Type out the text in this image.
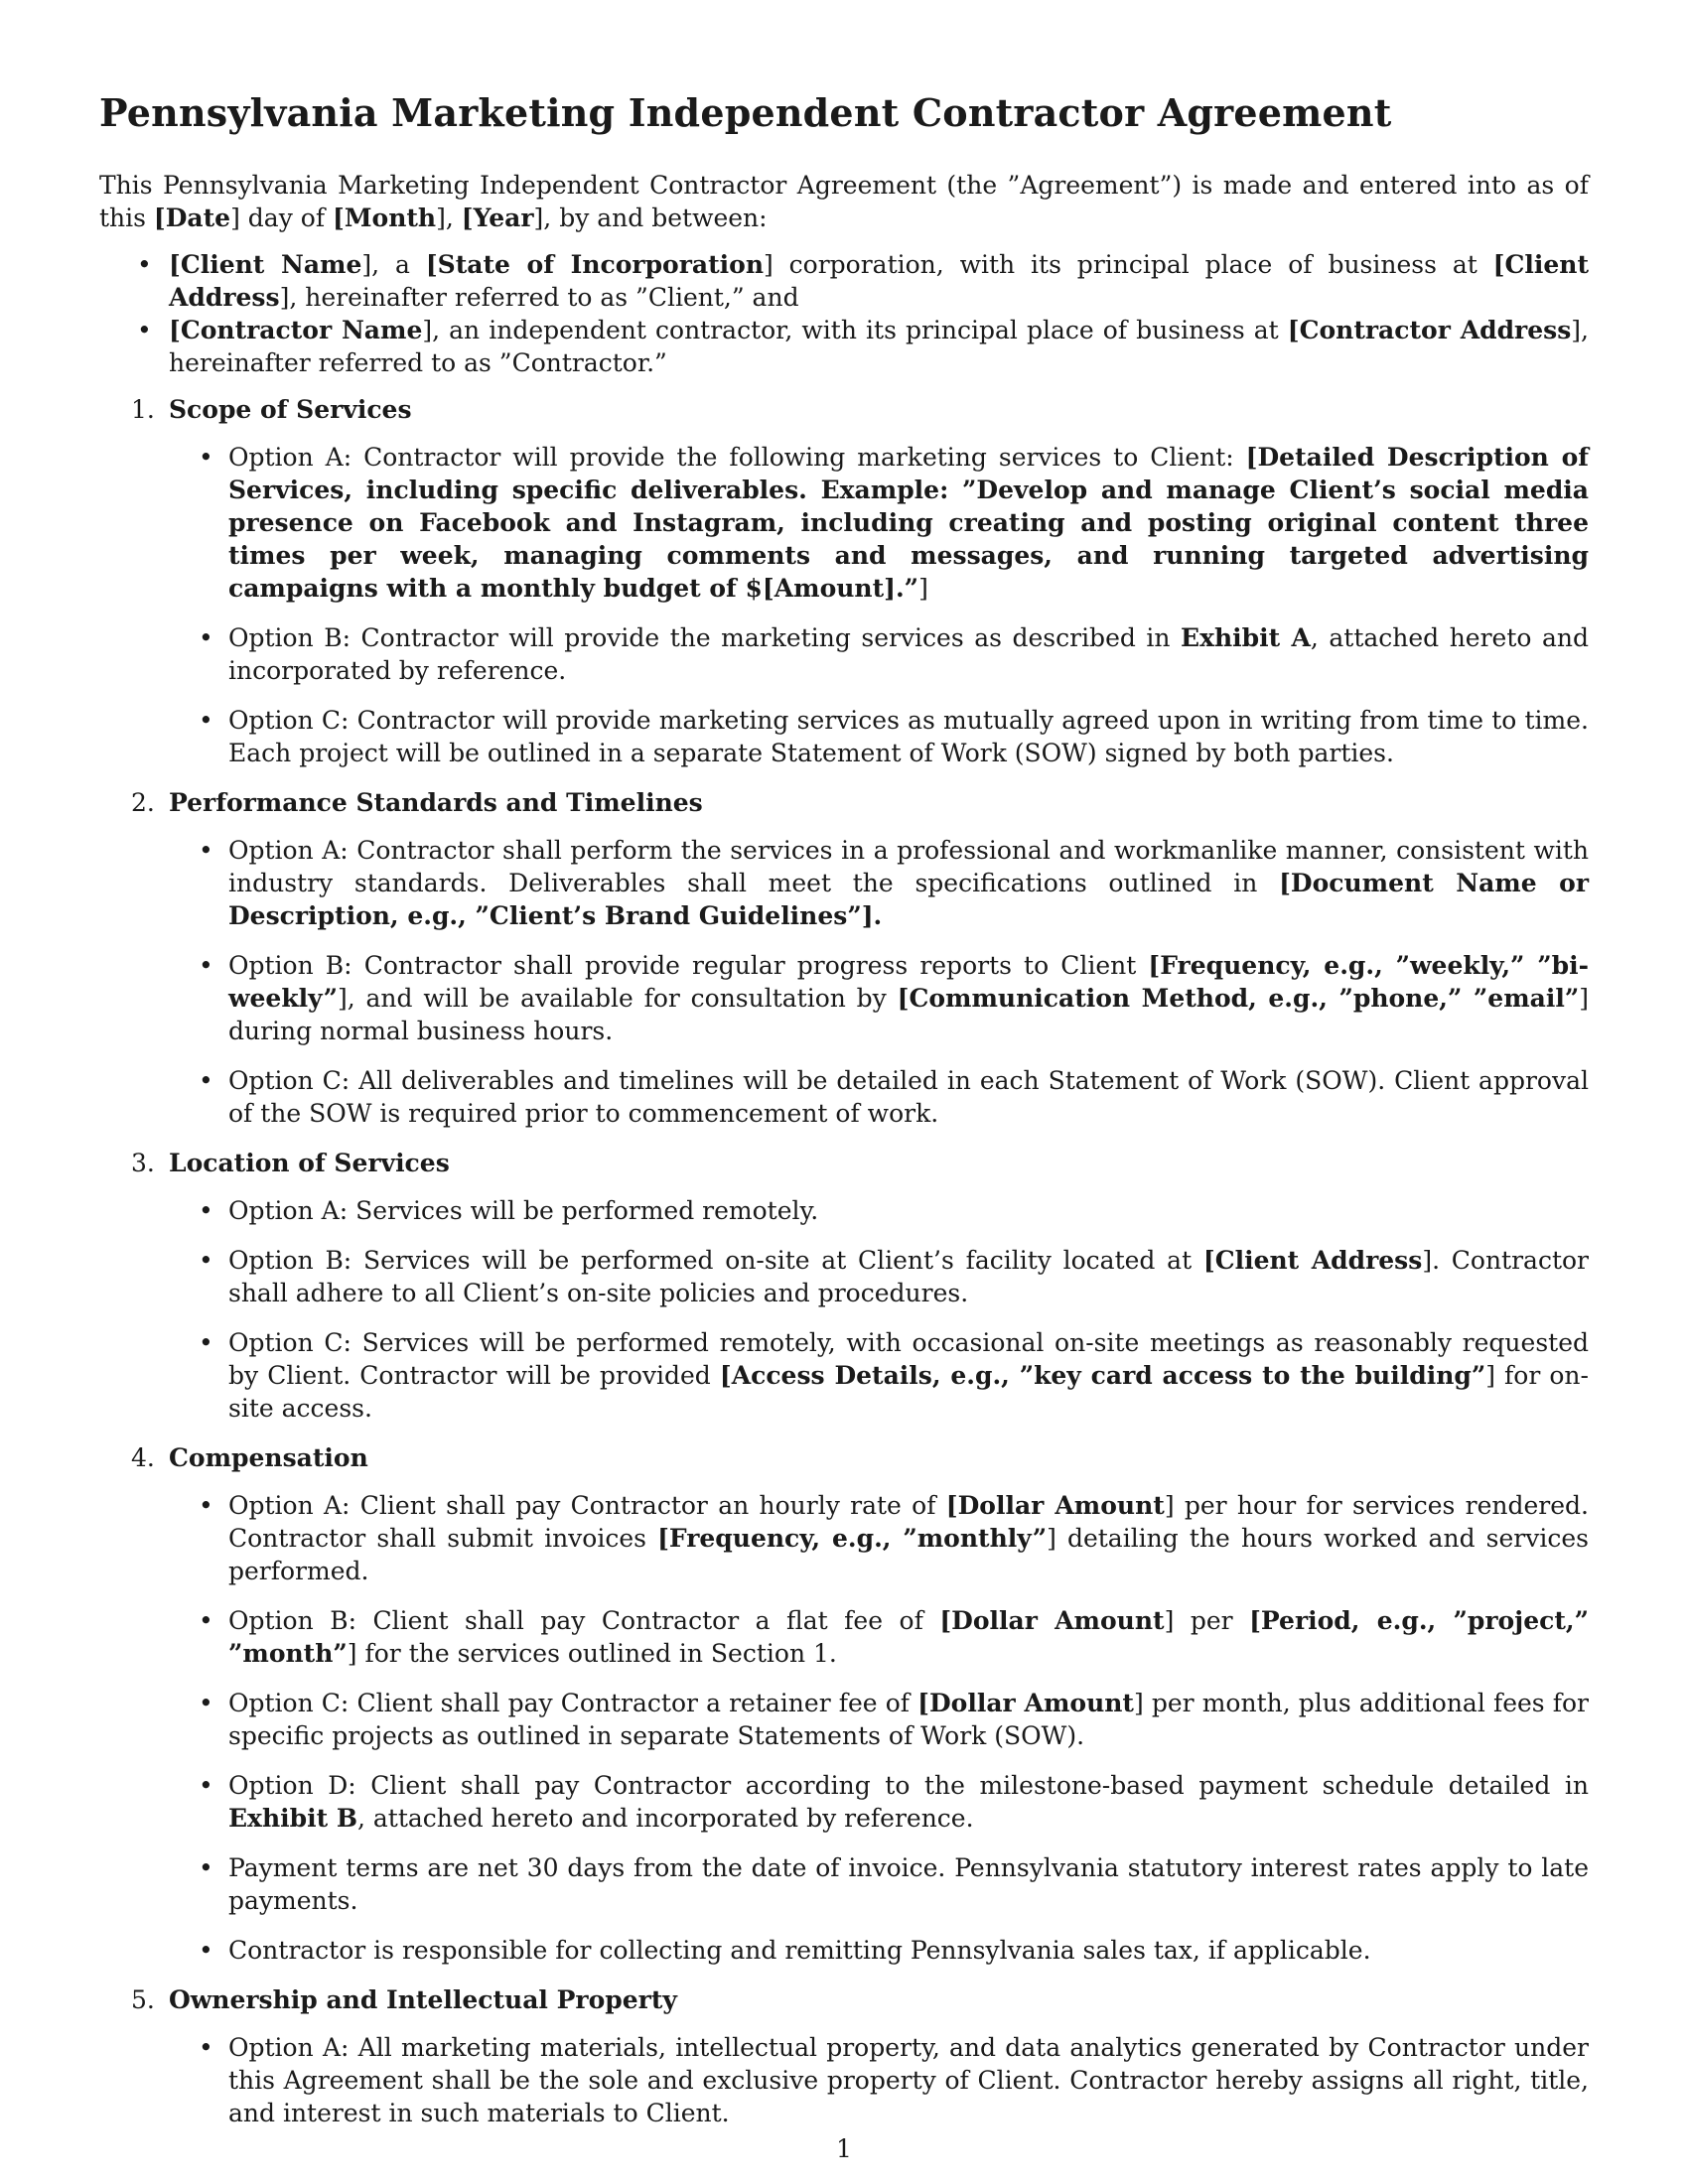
Pennsylvania Marketing Independent Contractor Agreement

This Pennsylvania Marketing Independent Contractor Agreement (the ”Agreement”) is made and entered into as of this [Date] day of [Month], [Year], by and between:

• [Client Name], a [State of Incorporation] corporation, with its principal place of business at [Client Address], hereinafter referred to as ”Client,” and
• [Contractor Name], an independent contractor, with its principal place of business at [Contractor Address], hereinafter referred to as ”Contractor.”
1. Scope of Services
• Option A: Contractor will provide the following marketing services to Client: [Detailed Description of Services, including specific deliverables. Example: ”Develop and manage Client’s social media presence on Facebook and Instagram, including creating and posting original content three times per week, managing comments and messages, and running targeted advertising campaigns with a monthly budget of $[Amount].”]
• Option B: Contractor will provide the marketing services as described in Exhibit A, attached hereto and incorporated by reference.
• Option C: Contractor will provide marketing services as mutually agreed upon in writing from time to time. Each project will be outlined in a separate Statement of Work (SOW) signed by both parties.
2. Performance Standards and Timelines
• Option A: Contractor shall perform the services in a professional and workmanlike manner, consistent with industry standards. Deliverables shall meet the specifications outlined in [Document Name or Description, e.g., ”Client’s Brand Guidelines”].
• Option B: Contractor shall provide regular progress reports to Client [Frequency, e.g., ”weekly,” ”bi-weekly”], and will be available for consultation by [Communication Method, e.g., ”phone,” ”email”] during normal business hours.
• Option C: All deliverables and timelines will be detailed in each Statement of Work (SOW). Client approval of the SOW is required prior to commencement of work.
3. Location of Services
• Option A: Services will be performed remotely.
• Option B: Services will be performed on-site at Client’s facility located at [Client Address]. Contractor shall adhere to all Client’s on-site policies and procedures.
• Option C: Services will be performed remotely, with occasional on-site meetings as reasonably requested by Client. Contractor will be provided [Access Details, e.g., ”key card access to the building”] for on-site access.
4. Compensation
• Option A: Client shall pay Contractor an hourly rate of [Dollar Amount] per hour for services rendered. Contractor shall submit invoices [Frequency, e.g., ”monthly”] detailing the hours worked and services performed.
• Option B: Client shall pay Contractor a flat fee of [Dollar Amount] per [Period, e.g., ”project,” ”month”] for the services outlined in Section 1.
• Option C: Client shall pay Contractor a retainer fee of [Dollar Amount] per month, plus additional fees for specific projects as outlined in separate Statements of Work (SOW).
• Option D: Client shall pay Contractor according to the milestone-based payment schedule detailed in Exhibit B, attached hereto and incorporated by reference.
• Payment terms are net 30 days from the date of invoice. Pennsylvania statutory interest rates apply to late payments.
• Contractor is responsible for collecting and remitting Pennsylvania sales tax, if applicable.
5. Ownership and Intellectual Property
• Option A: All marketing materials, intellectual property, and data analytics generated by Contractor under this Agreement shall be the sole and exclusive property of Client. Contractor hereby assigns all right, title, and interest in such materials to Client.
1
